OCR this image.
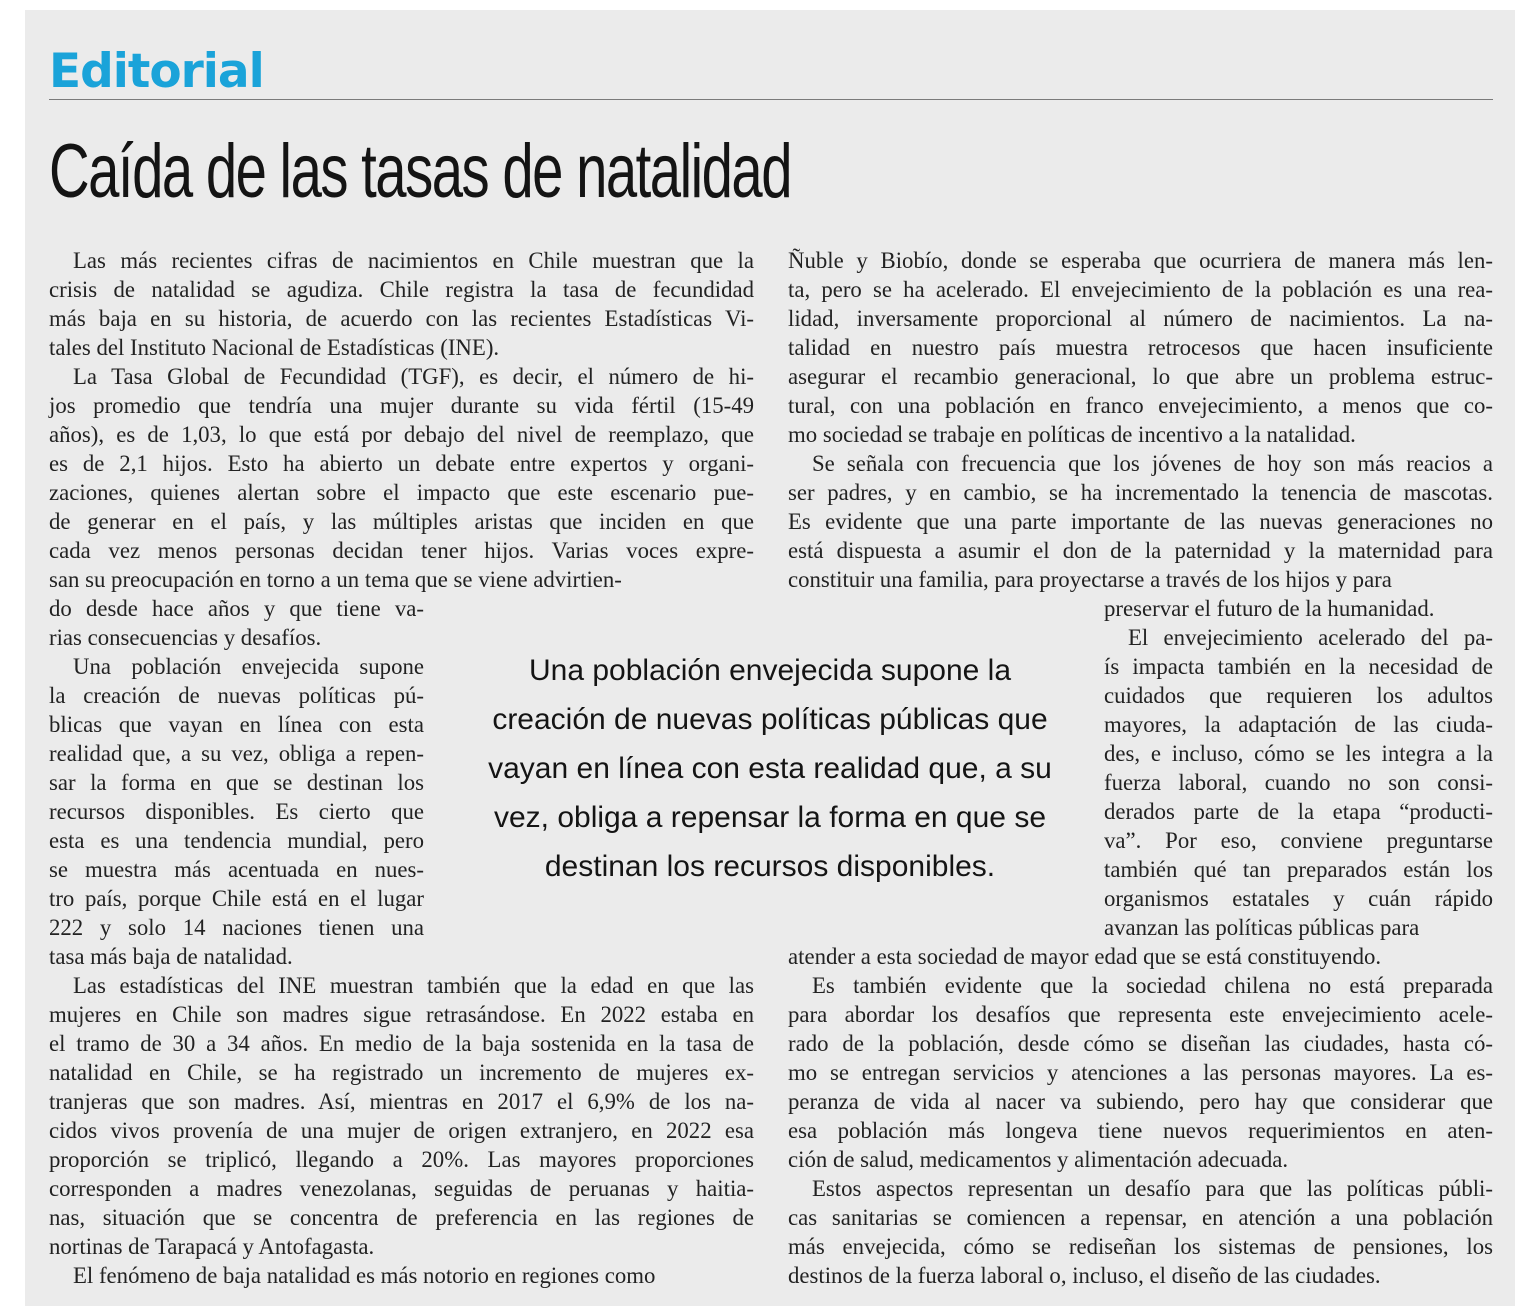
Editorial
Caída de las tasas de natalidad

Las más recientes cifras de nacimientos en Chile muestran que la
crisis de natalidad se agudiza. Chile registra la tasa de fecundidad
más baja en su historia, de acuerdo con las recientes Estadísticas Vi-
tales del Instituto Nacional de Estadísticas (INE).

La Tasa Global de Fecundidad (TGF), es decir, el número de hi-
jos promedio que tendría una mujer durante su vida fértil (15-49
años), es de 1,03, lo que está por debajo del nivel de reemplazo, que
es de 2,1 hijos. Esto ha abierto un debate entre expertos y organi-
zaciones, quienes alertan sobre el impacto que este escenario pue-
de generar en el país, y las múltiples aristas que inciden en que
cada vez menos personas decidan tener hijos. Varias voces expre-
san su preocupación en torno a un tema que se viene advirtien-

do desde hace años y que tiene va-
rias consecuencias y desafíos.

Una población envejecida supone
la creación de nuevas políticas pú-
blicas que vayan en línea con esta
realidad que, a su vez, obliga a repen-
sar la forma en que se destinan los
recursos disponibles. Es cierto que
esta es una tendencia mundial, pero
se muestra más acentuada en nues-
tro país, porque Chile está en el lugar
222 y solo 14 naciones tienen una
tasa más baja de natalidad.

Las estadísticas del INE muestran también que la edad en que las
mujeres en Chile son madres sigue retrasándose. En 2022 estaba en
el tramo de 30 a 34 años. En medio de la baja sostenida en la tasa de
natalidad en Chile, se ha registrado un incremento de mujeres ex-
tranjeras que son madres. Así, mientras en 2017 el 6,9% de los na-
cidos vivos provenía de una mujer de origen extranjero, en 2022 esa
proporción se triplicó, llegando a 20%. Las mayores proporciones
corresponden a madres venezolanas, seguidas de peruanas y haitia-
nas, situación que se concentra de preferencia en las regiones de
nortinas de Tarapacá y Antofagasta.

El fenómeno de baja natalidad es más notorio en regiones como

Ñuble y Biobío, donde se esperaba que ocurriera de manera más len-
ta, pero se ha acelerado. El envejecimiento de la población es una rea-
lidad, inversamente proporcional al número de nacimientos. La na-
talidad en nuestro país muestra retrocesos que hacen insuficiente
asegurar el recambio generacional, lo que abre un problema estruc-
tural, con una población en franco envejecimiento, a menos que co-
mo sociedad se trabaje en políticas de incentivo a la natalidad.

Se señala con frecuencia que los jóvenes de hoy son más reacios a
ser padres, y en cambio, se ha incrementado la tenencia de mascotas.
Es evidente que una parte importante de las nuevas generaciones no
está dispuesta a asumir el don de la paternidad y la maternidad para
constituir una familia, para proyectarse a través de los hijos y para

preservar el futuro de la humanidad.

El envejecimiento acelerado del pa-
ís impacta también en la necesidad de
cuidados que requieren los adultos
mayores, la adaptación de las ciuda-
des, e incluso, cómo se les integra a la
fuerza laboral, cuando no son consi-
derados parte de la etapa “producti-
va”. Por eso, conviene preguntarse
también qué tan preparados están los
organismos estatales y cuán rápido
avanzan las políticas públicas para

atender a esta sociedad de mayor edad que se está constituyendo.

Es también evidente que la sociedad chilena no está preparada
para abordar los desafíos que representa este envejecimiento acele-
rado de la población, desde cómo se diseñan las ciudades, hasta có-
mo se entregan servicios y atenciones a las personas mayores. La es-
peranza de vida al nacer va subiendo, pero hay que considerar que
esa población más longeva tiene nuevos requerimientos en aten-
ción de salud, medicamentos y alimentación adecuada.

Estos aspectos representan un desafío para que las políticas públi-
cas sanitarias se comiencen a repensar, en atención a una población
más envejecida, cómo se rediseñan los sistemas de pensiones, los
destinos de la fuerza laboral o, incluso, el diseño de las ciudades.

Una población envejecida supone la
creación de nuevas políticas públicas que
vayan en línea con esta realidad que, a su
vez, obliga a repensar la forma en que se
destinan los recursos disponibles.
